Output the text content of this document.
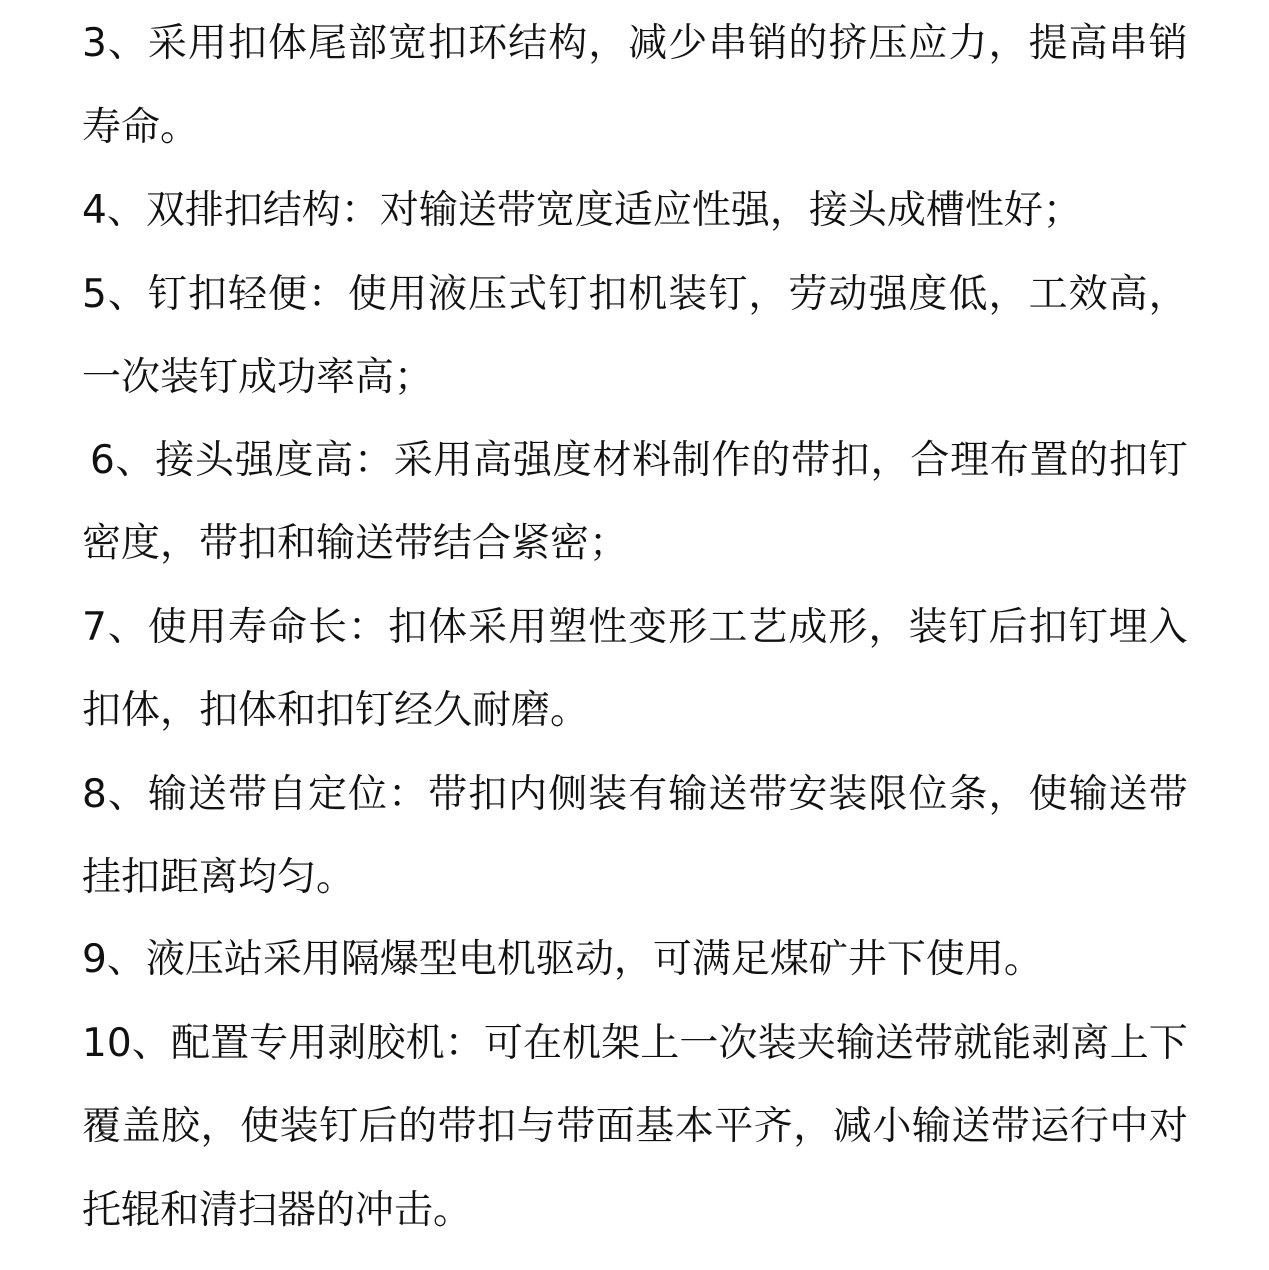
3 、 采 用 扣 体 尾 部 宽 扣 环 结 构 ， 减 少 串 销 的 挤 压 应 力 ， 提 高 串 销
寿命。
4、双排扣结构：对输送带宽度适应性强，接头成槽性好；
5 、 钉 扣 轻 便 ： 使 用 液 压 式 钉 扣 机 装 钉 ， 劳 动 强 度 低 ， 工 效 高 ，
一次装钉成功率高；
6 、 接 头 强 度 高 ： 采 用 高 强 度 材 料 制 作 的 带 扣 ， 合 理 布 置 的 扣 钉
密度，带扣和输送带结合紧密；
7 、 使 用 寿 命 长 ： 扣 体 采 用 塑 性 变 形 工 艺 成 形 ， 装 钉 后 扣 钉 埋 入
扣体，扣体和扣钉经久耐磨。
8 、 输 送 带 自 定 位 ： 带 扣 内 侧 装 有 输 送 带 安 装 限 位 条 ， 使 输 送 带
挂扣距离均匀。
9、液压站采用隔爆型电机驱动，可满足煤矿井下使用。
1 0 、 配 置 专 用 剥 胶 机 ： 可 在 机 架 上 一 次 装 夹 输 送 带 就 能 剥 离 上 下
覆 盖 胶 ， 使 装 钉 后 的 带 扣 与 带 面 基 本 平 齐 ， 减 小 输 送 带 运 行 中 对
托辊和清扫器的冲击。
